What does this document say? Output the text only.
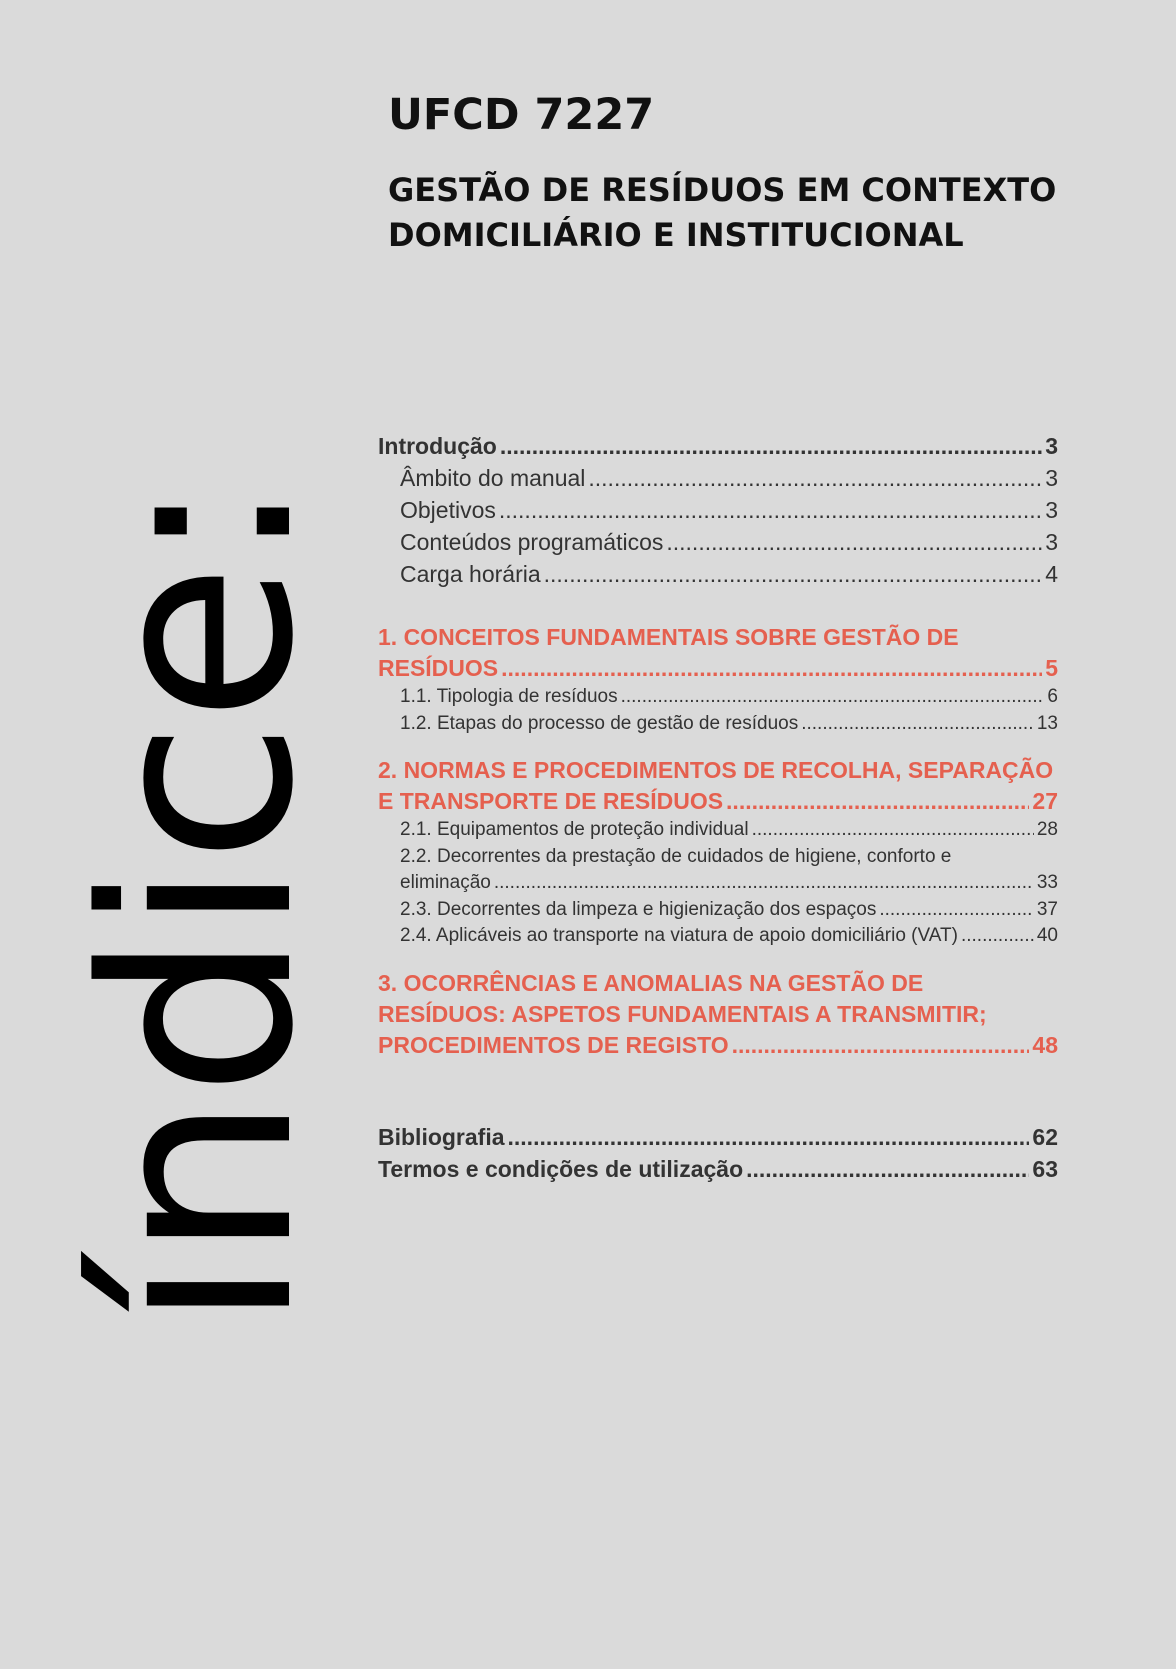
índice:
UFCD 7227
GESTÃO DE RESÍDUOS EM CONTEXTO
DOMICILIÁRIO E INSTITUCIONAL
Introdução .....	3
Âmbito do manual .....	3
Objetivos .....	3
Conteúdos programáticos .....	3
Carga horária .....	4
1. CONCEITOS FUNDAMENTAIS SOBRE GESTÃO DE
RESÍDUOS .....	5
1.1. Tipologia de resíduos .....	6
1.2. Etapas do processo de gestão de resíduos .....	13
2. NORMAS E PROCEDIMENTOS DE RECOLHA, SEPARAÇÃO
E TRANSPORTE DE RESÍDUOS .....	27
2.1. Equipamentos de proteção individual .....	28
2.2. Decorrentes da prestação de cuidados de higiene, conforto e
eliminação .....	33
2.3. Decorrentes da limpeza e higienização dos espaços .....	37
2.4. Aplicáveis ao transporte na viatura de apoio domiciliário (VAT) .....	40
3. OCORRÊNCIAS E ANOMALIAS NA GESTÃO DE
RESÍDUOS: ASPETOS FUNDAMENTAIS A TRANSMITIR;
PROCEDIMENTOS DE REGISTO .....	48
Bibliografia .....	62
Termos e condições de utilização .....	63
